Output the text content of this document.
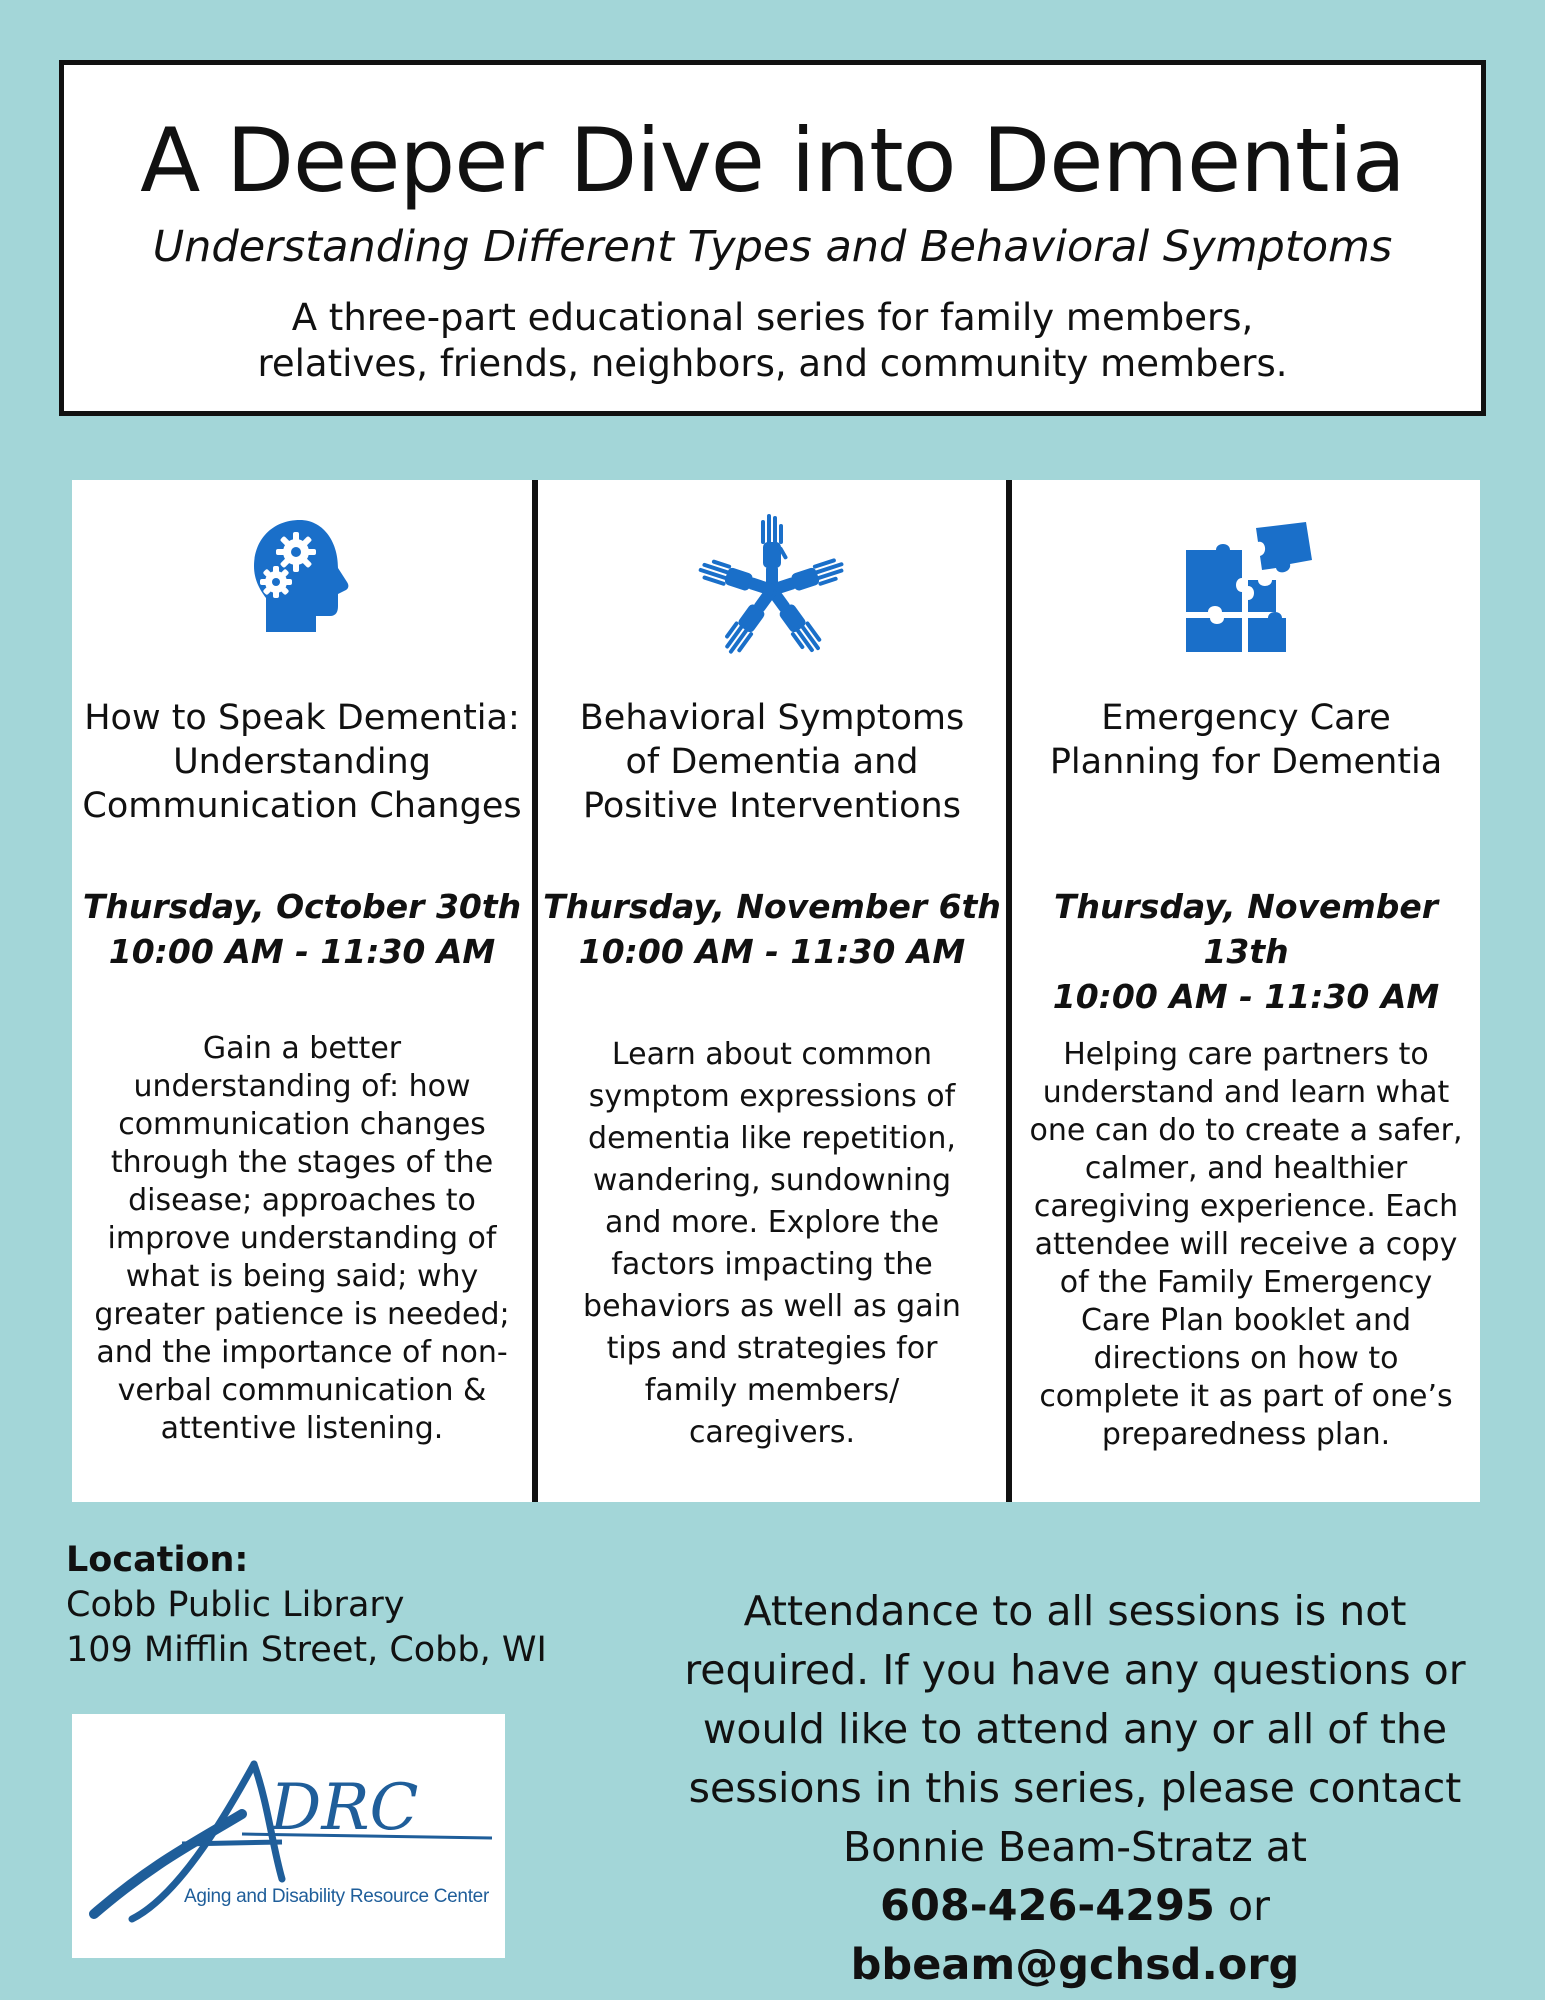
A Deeper Dive into Dementia
Understanding Different Types and Behavioral Symptoms
A three-part educational series for family members,
relatives, friends, neighbors, and community members.
How to Speak Dementia:
Understanding
Communication Changes
Thursday, October 30th
10:00 AM - 11:30 AM
Gain a better
understanding of: how
communication changes
through the stages of the
disease; approaches to
improve understanding of
what is being said; why
greater patience is needed;
and the importance of non-
verbal communication &
attentive listening.
Behavioral Symptoms
of Dementia and
Positive Interventions
Thursday, November 6th
10:00 AM - 11:30 AM
Learn about common
symptom expressions of
dementia like repetition,
wandering, sundowning
and more. Explore the
factors impacting the
behaviors as well as gain
tips and strategies for
family members/
caregivers.
Emergency Care
Planning for Dementia
Thursday, November 13th
10:00 AM - 11:30 AM
Helping care partners to
understand and learn what
one can do to create a safer,
calmer, and healthier
caregiving experience. Each
attendee will receive a copy
of the Family Emergency
Care Plan booklet and
directions on how to
complete it as part of one’s
preparedness plan.
Location:
Cobb Public Library
109 Mifflin Street, Cobb, WI
DRC
Aging and Disability Resource Center
Attendance to all sessions is not
required. If you have any questions or
would like to attend any or all of the
sessions in this series, please contact
Bonnie Beam-Stratz at
608-426-4295 or bbeam@gchsd.org
